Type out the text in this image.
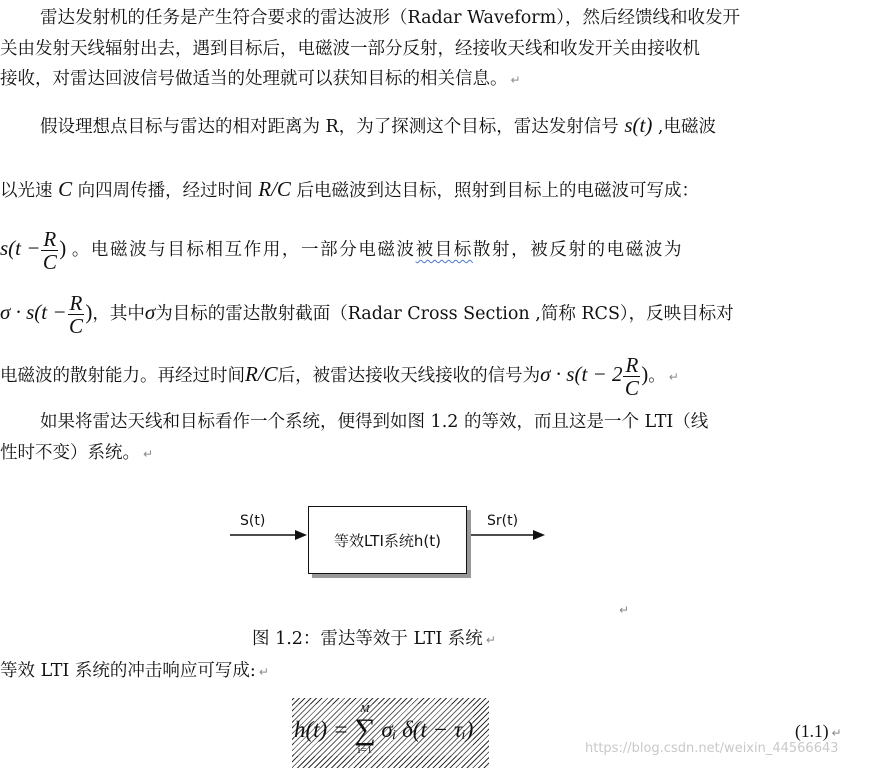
雷达发射机的任务是产生符合要求的雷达波形（Radar Waveform），然后经馈线和收发开
关由发射天线辐射出去，遇到目标后，电磁波一部分反射，经接收天线和收发开关由接收机
接收，对雷达回波信号做适当的处理就可以获知目标的相关信息。 ↵
假设理想点目标与雷达的相对距离为 R，为了探测这个目标，雷达发射信号 s(t) ,电磁波
以光速 C 向四周传播，经过时间 R/C 后电磁波到达目标，照射到目标上的电磁波可写成：
$s(t - \frac{R}{C}$ ) 。电磁波与目标相互作用，一部分电磁波被目标散射，被反射的电磁波为
$\sigma \cdot s(t - \frac{R}{C}$ )，其中σ为目标的雷达散射截面（Radar Cross Section ,简称 RCS），反映目标对
电磁波的散射能力。再经过时间R/C后，被雷达接收天线接收的信号为$\sigma \cdot s(t - 2 \frac{R}{C}$ )。 ↵
如果将雷达天线和目标看作一个系统，便得到如图 1.2 的等效，而且这是一个 LTI（线
性时不变）系统。 ↵
S(t)
等效LTI系统h(t)
Sr(t)
↵
图 1.2：雷达等效于 LTI 系统 ↵
等效 LTI 系统的冲击响应可写成: ↵
h(t) =
M
∑
i=1
σᵢ δ(t − τᵢ)	(1.1) ↵
https://blog.csdn.net/weixin_44566643
